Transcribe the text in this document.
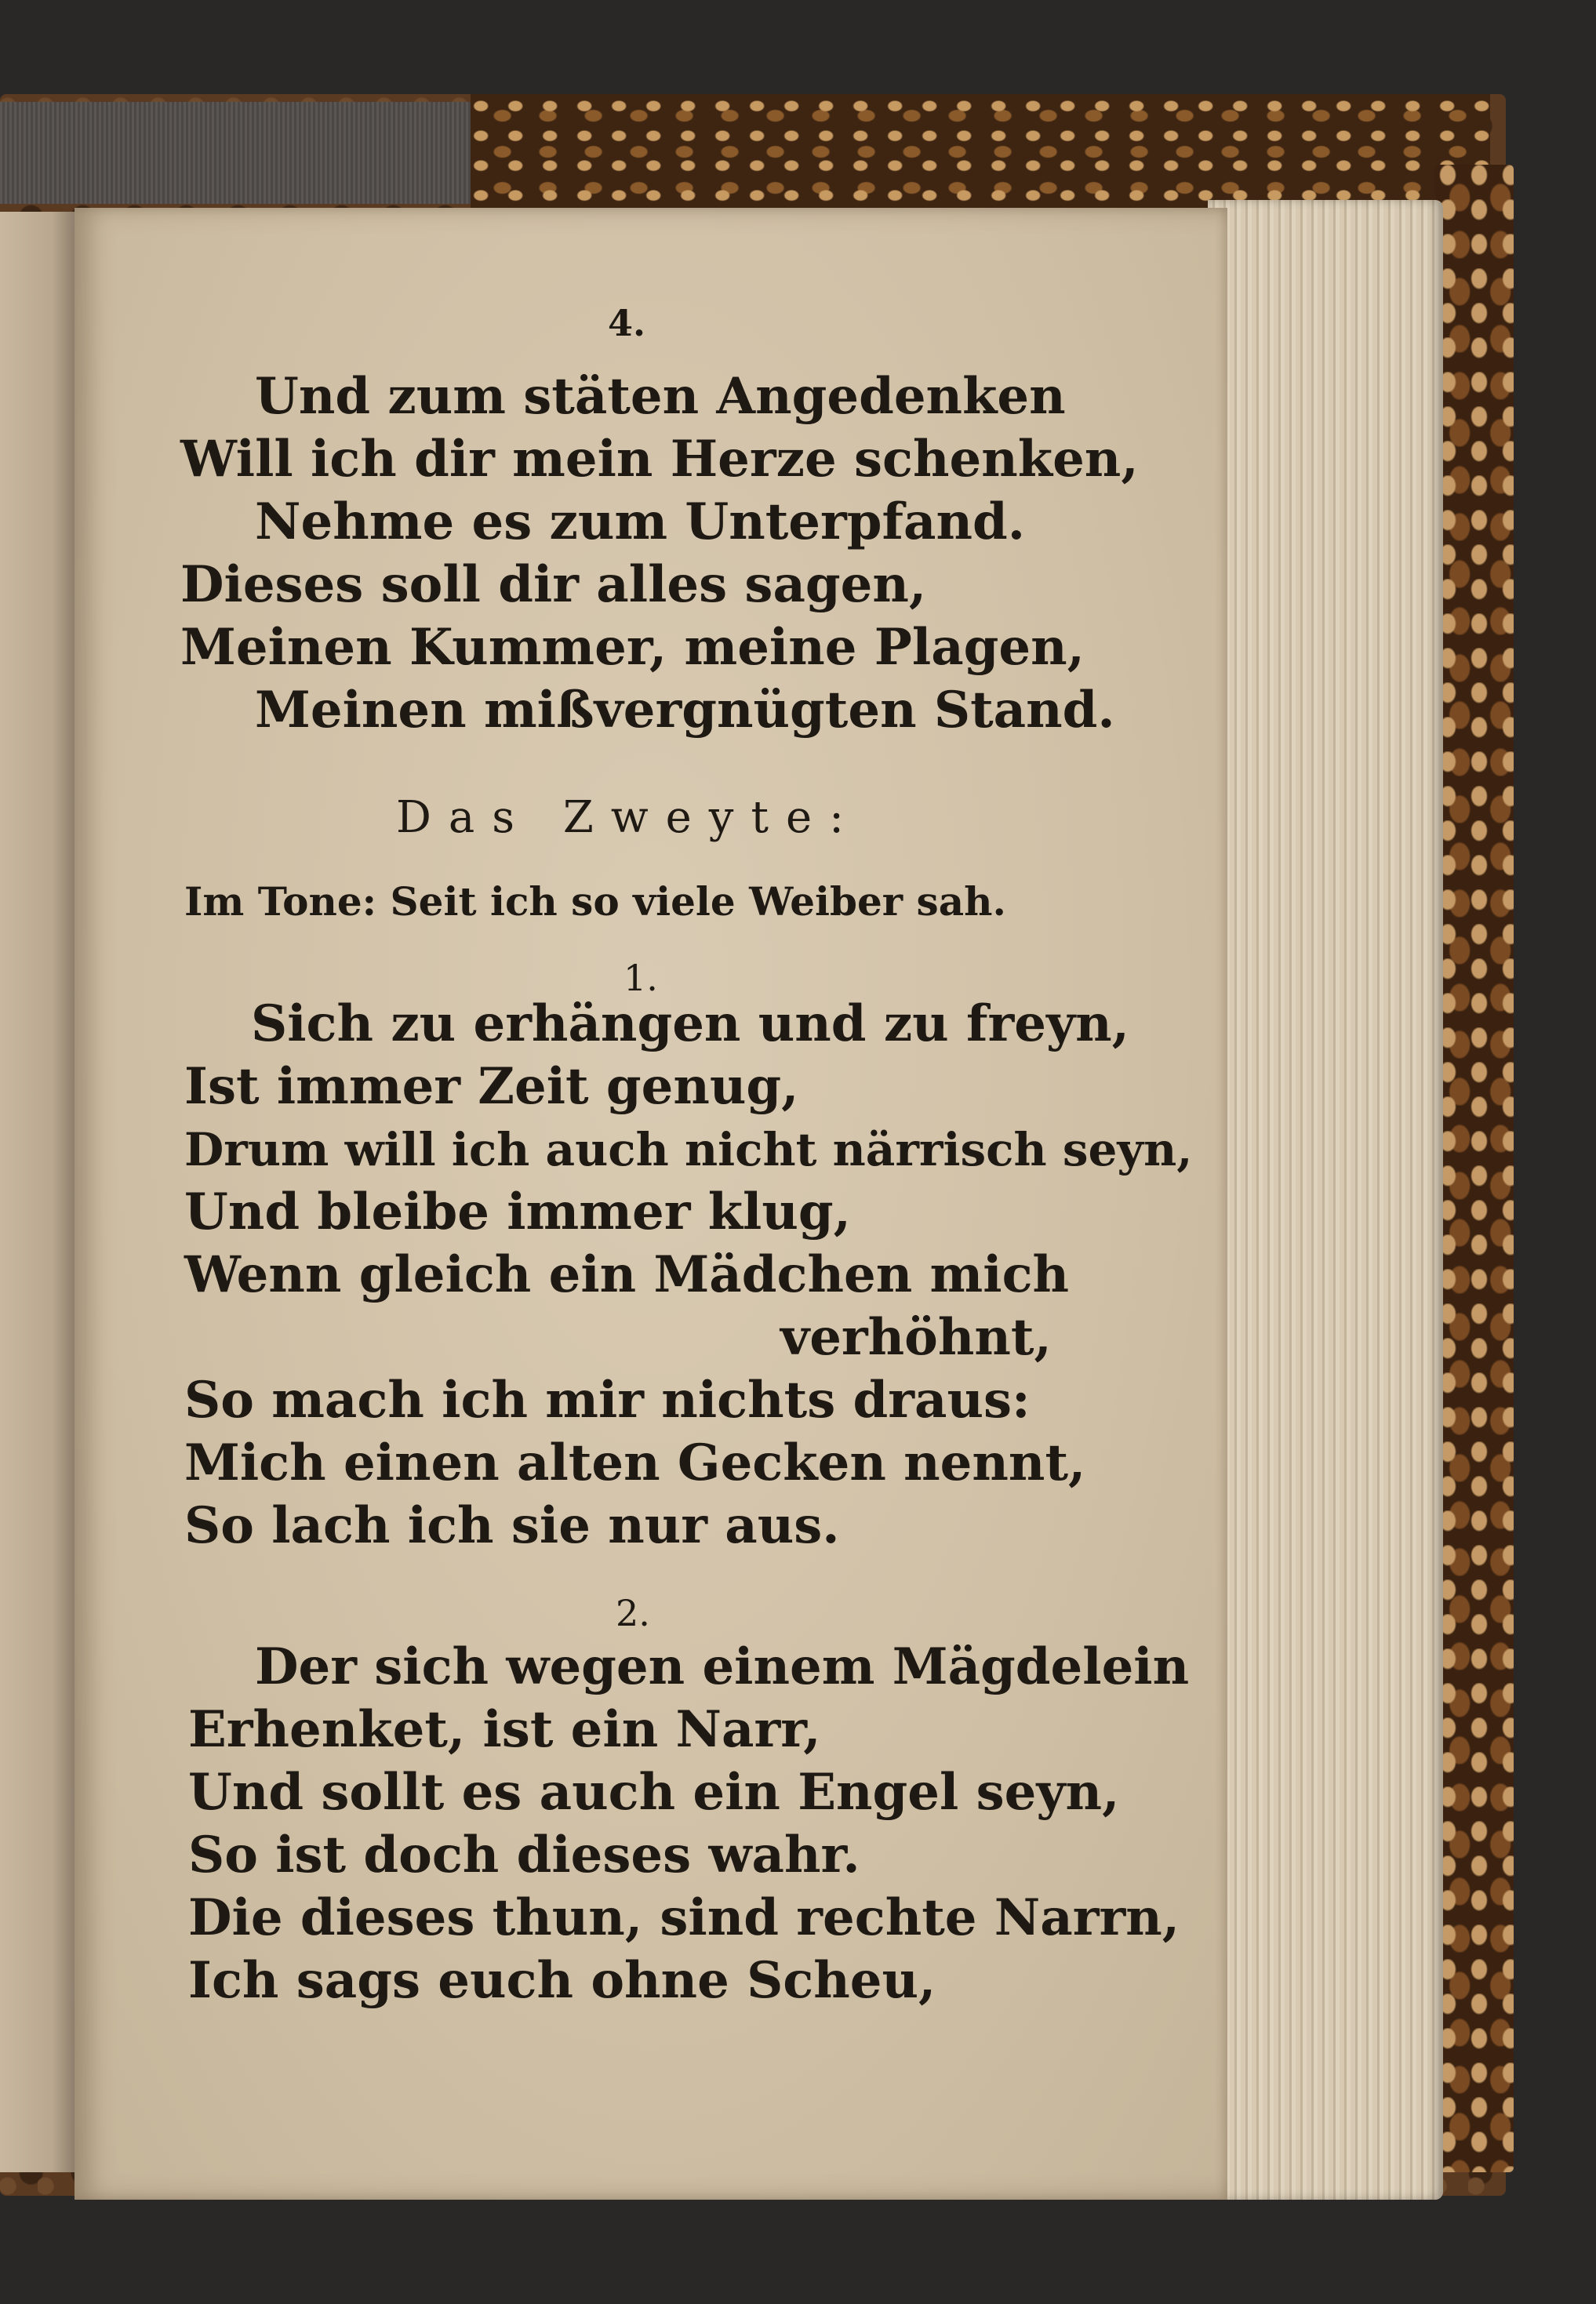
4.
Und zum stäten Angedenken
Will ich dir mein Herze schenken,
Nehme es zum Unterpfand.
Dieses soll dir alles sagen,
Meinen Kummer, meine Plagen,
Meinen mißvergnügten Stand.
Das Zweyte:
Im Tone: Seit ich so viele Weiber sah.
1.
Sich zu erhängen und zu freyn,
Ist immer Zeit genug,
Drum will ich auch nicht närrisch seyn,
Und bleibe immer klug,
Wenn gleich ein Mädchen mich
verhöhnt,
So mach ich mir nichts draus:
Mich einen alten Gecken nennt,
So lach ich sie nur aus.
2.
Der sich wegen einem Mägdelein
Erhenket, ist ein Narr,
Und sollt es auch ein Engel seyn,
So ist doch dieses wahr.
Die dieses thun, sind rechte Narrn,
Ich sags euch ohne Scheu,
